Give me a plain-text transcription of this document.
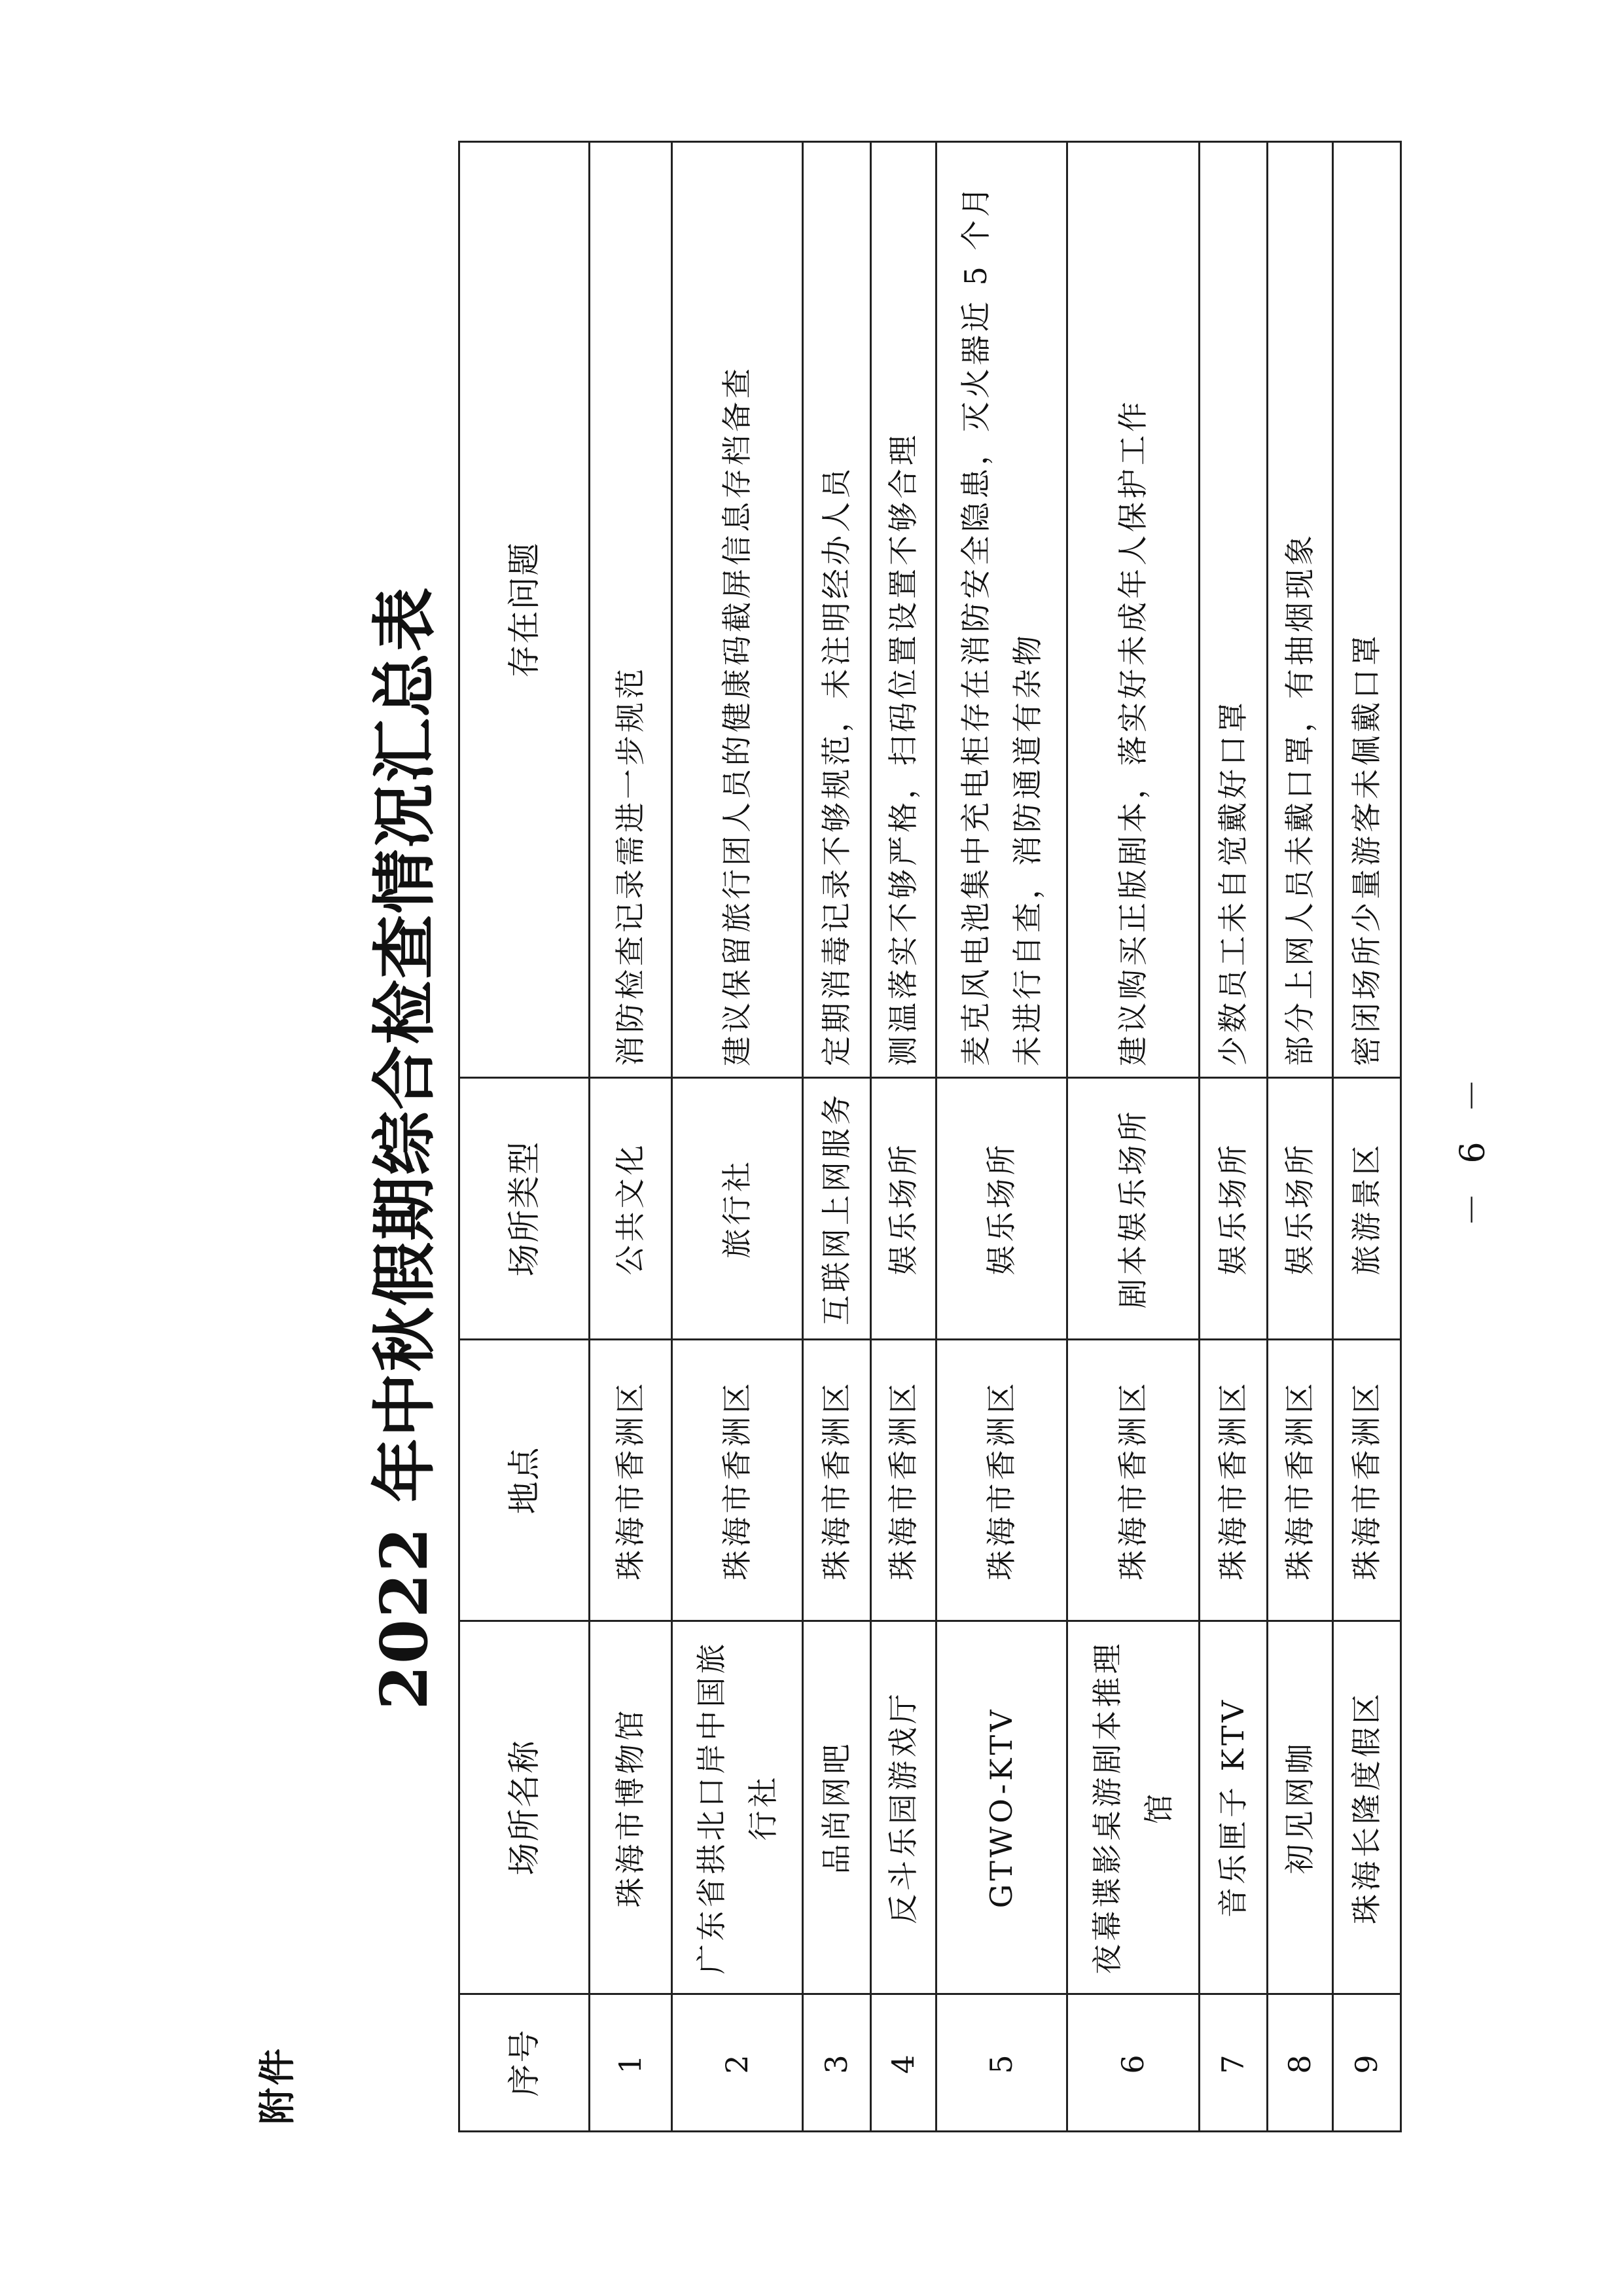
附件
2022 年中秋假期综合检查情况汇总表
序号	场所名称	地点	场所类型	存在问题
1	珠海市博物馆	珠海市香洲区	公共文化	消防检查记录需进一步规范
2	广东省拱北口岸中国旅行社	珠海市香洲区	旅行社	建议保留旅行团人员的健康码截屏信息存档备查
3	品尚网吧	珠海市香洲区	互联网上网服务	定期消毒记录不够规范，未注明经办人员
4	反斗乐园游戏厅	珠海市香洲区	娱乐场所	测温落实不够严格，扫码位置设置不够合理
5	GTWO-KTV	珠海市香洲区	娱乐场所	麦克风电池集中充电柜存在消防安全隐患，灭火器近 5 个月未进行自查，消防通道有杂物
6	夜幕谍影桌游剧本推理馆	珠海市香洲区	剧本娱乐场所	建议购买正版剧本，落实好未成年人保护工作
7	音乐匣子 KTV	珠海市香洲区	娱乐场所	少数员工未自觉戴好口罩
8	初见网咖	珠海市香洲区	娱乐场所	部分上网人员未戴口罩，有抽烟现象
9	珠海长隆度假区	珠海市香洲区	旅游景区	密闭场所少量游客未佩戴口罩
－ 6 －
